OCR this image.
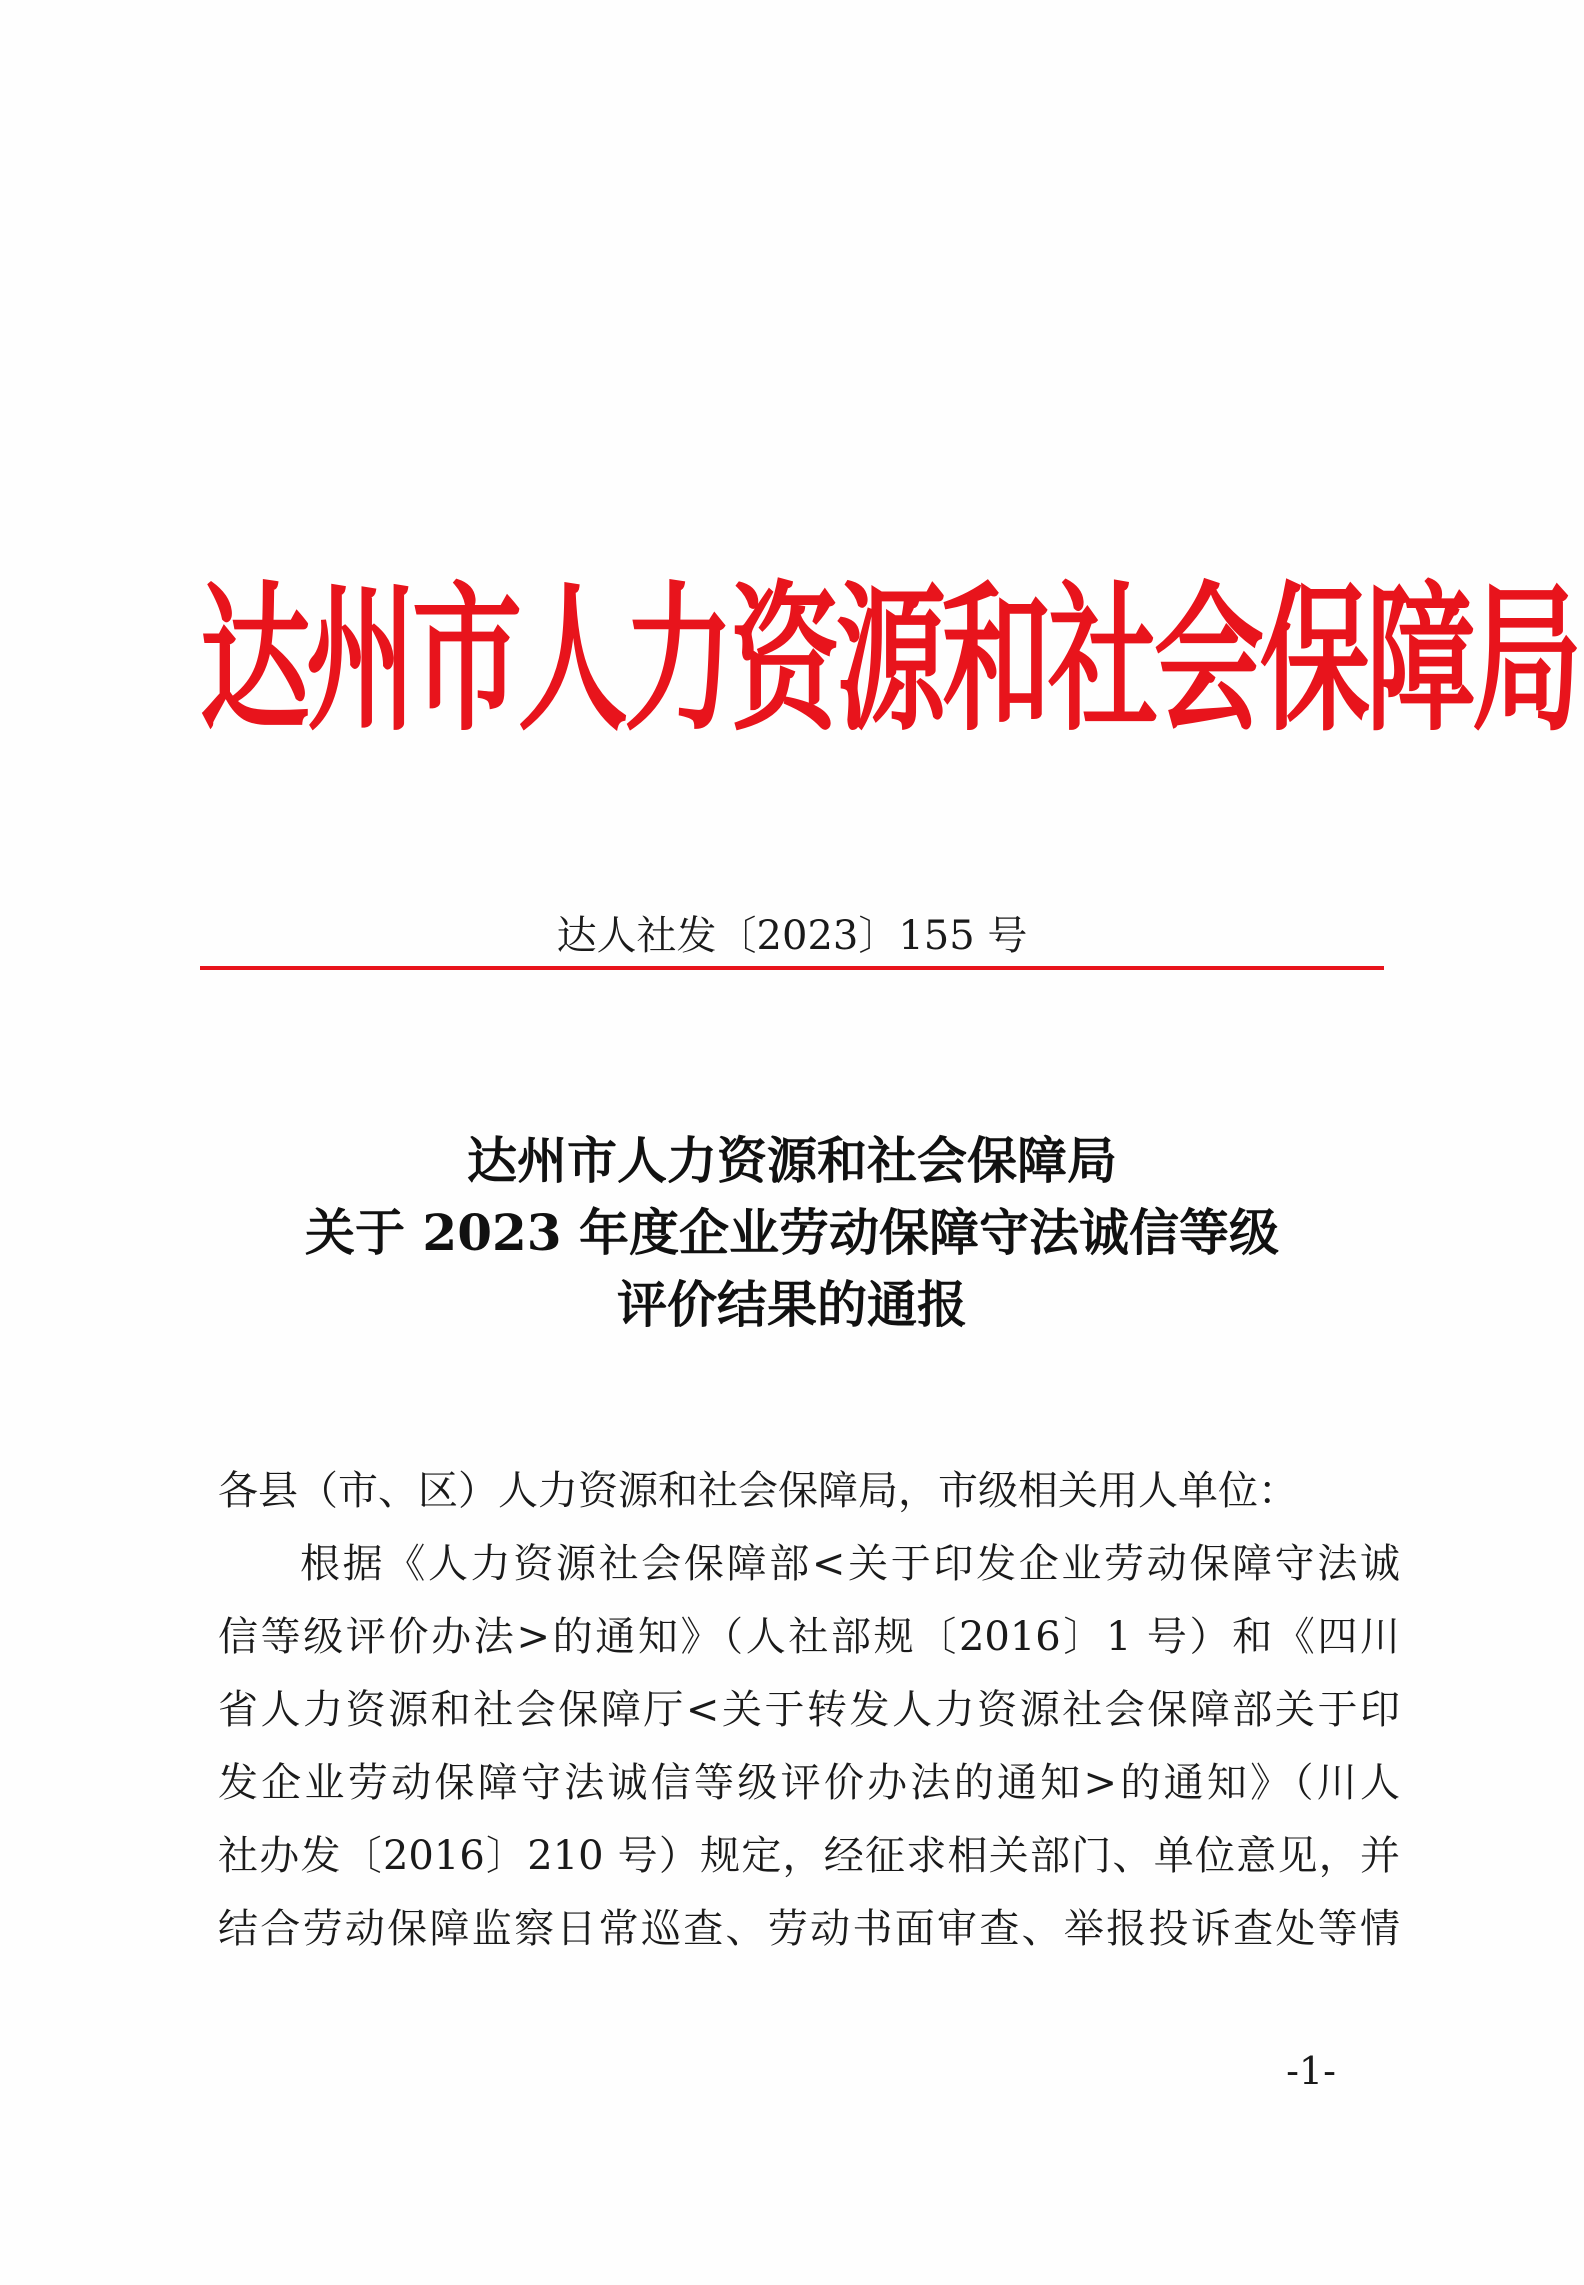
达州市人力资源和社会保障局
达人社发〔2023〕155 号
达州市人力资源和社会保障局
关于 2023 年度企业劳动保障守法诚信等级
评价结果的通报
各县（市、区）人力资源和社会保障局，市级相关用人单位：
根据《人力资源社会保障部<关于印发企业劳动保障守法诚
信等级评价办法>的通知》（人社部规〔2016〕1 号）和《四川
省人力资源和社会保障厅<关于转发人力资源社会保障部关于印
发企业劳动保障守法诚信等级评价办法的通知>的通知》（川人
社办发〔2016〕210 号）规定，经征求相关部门、单位意见，并
结合劳动保障监察日常巡查、劳动书面审查、举报投诉查处等情
-1-
